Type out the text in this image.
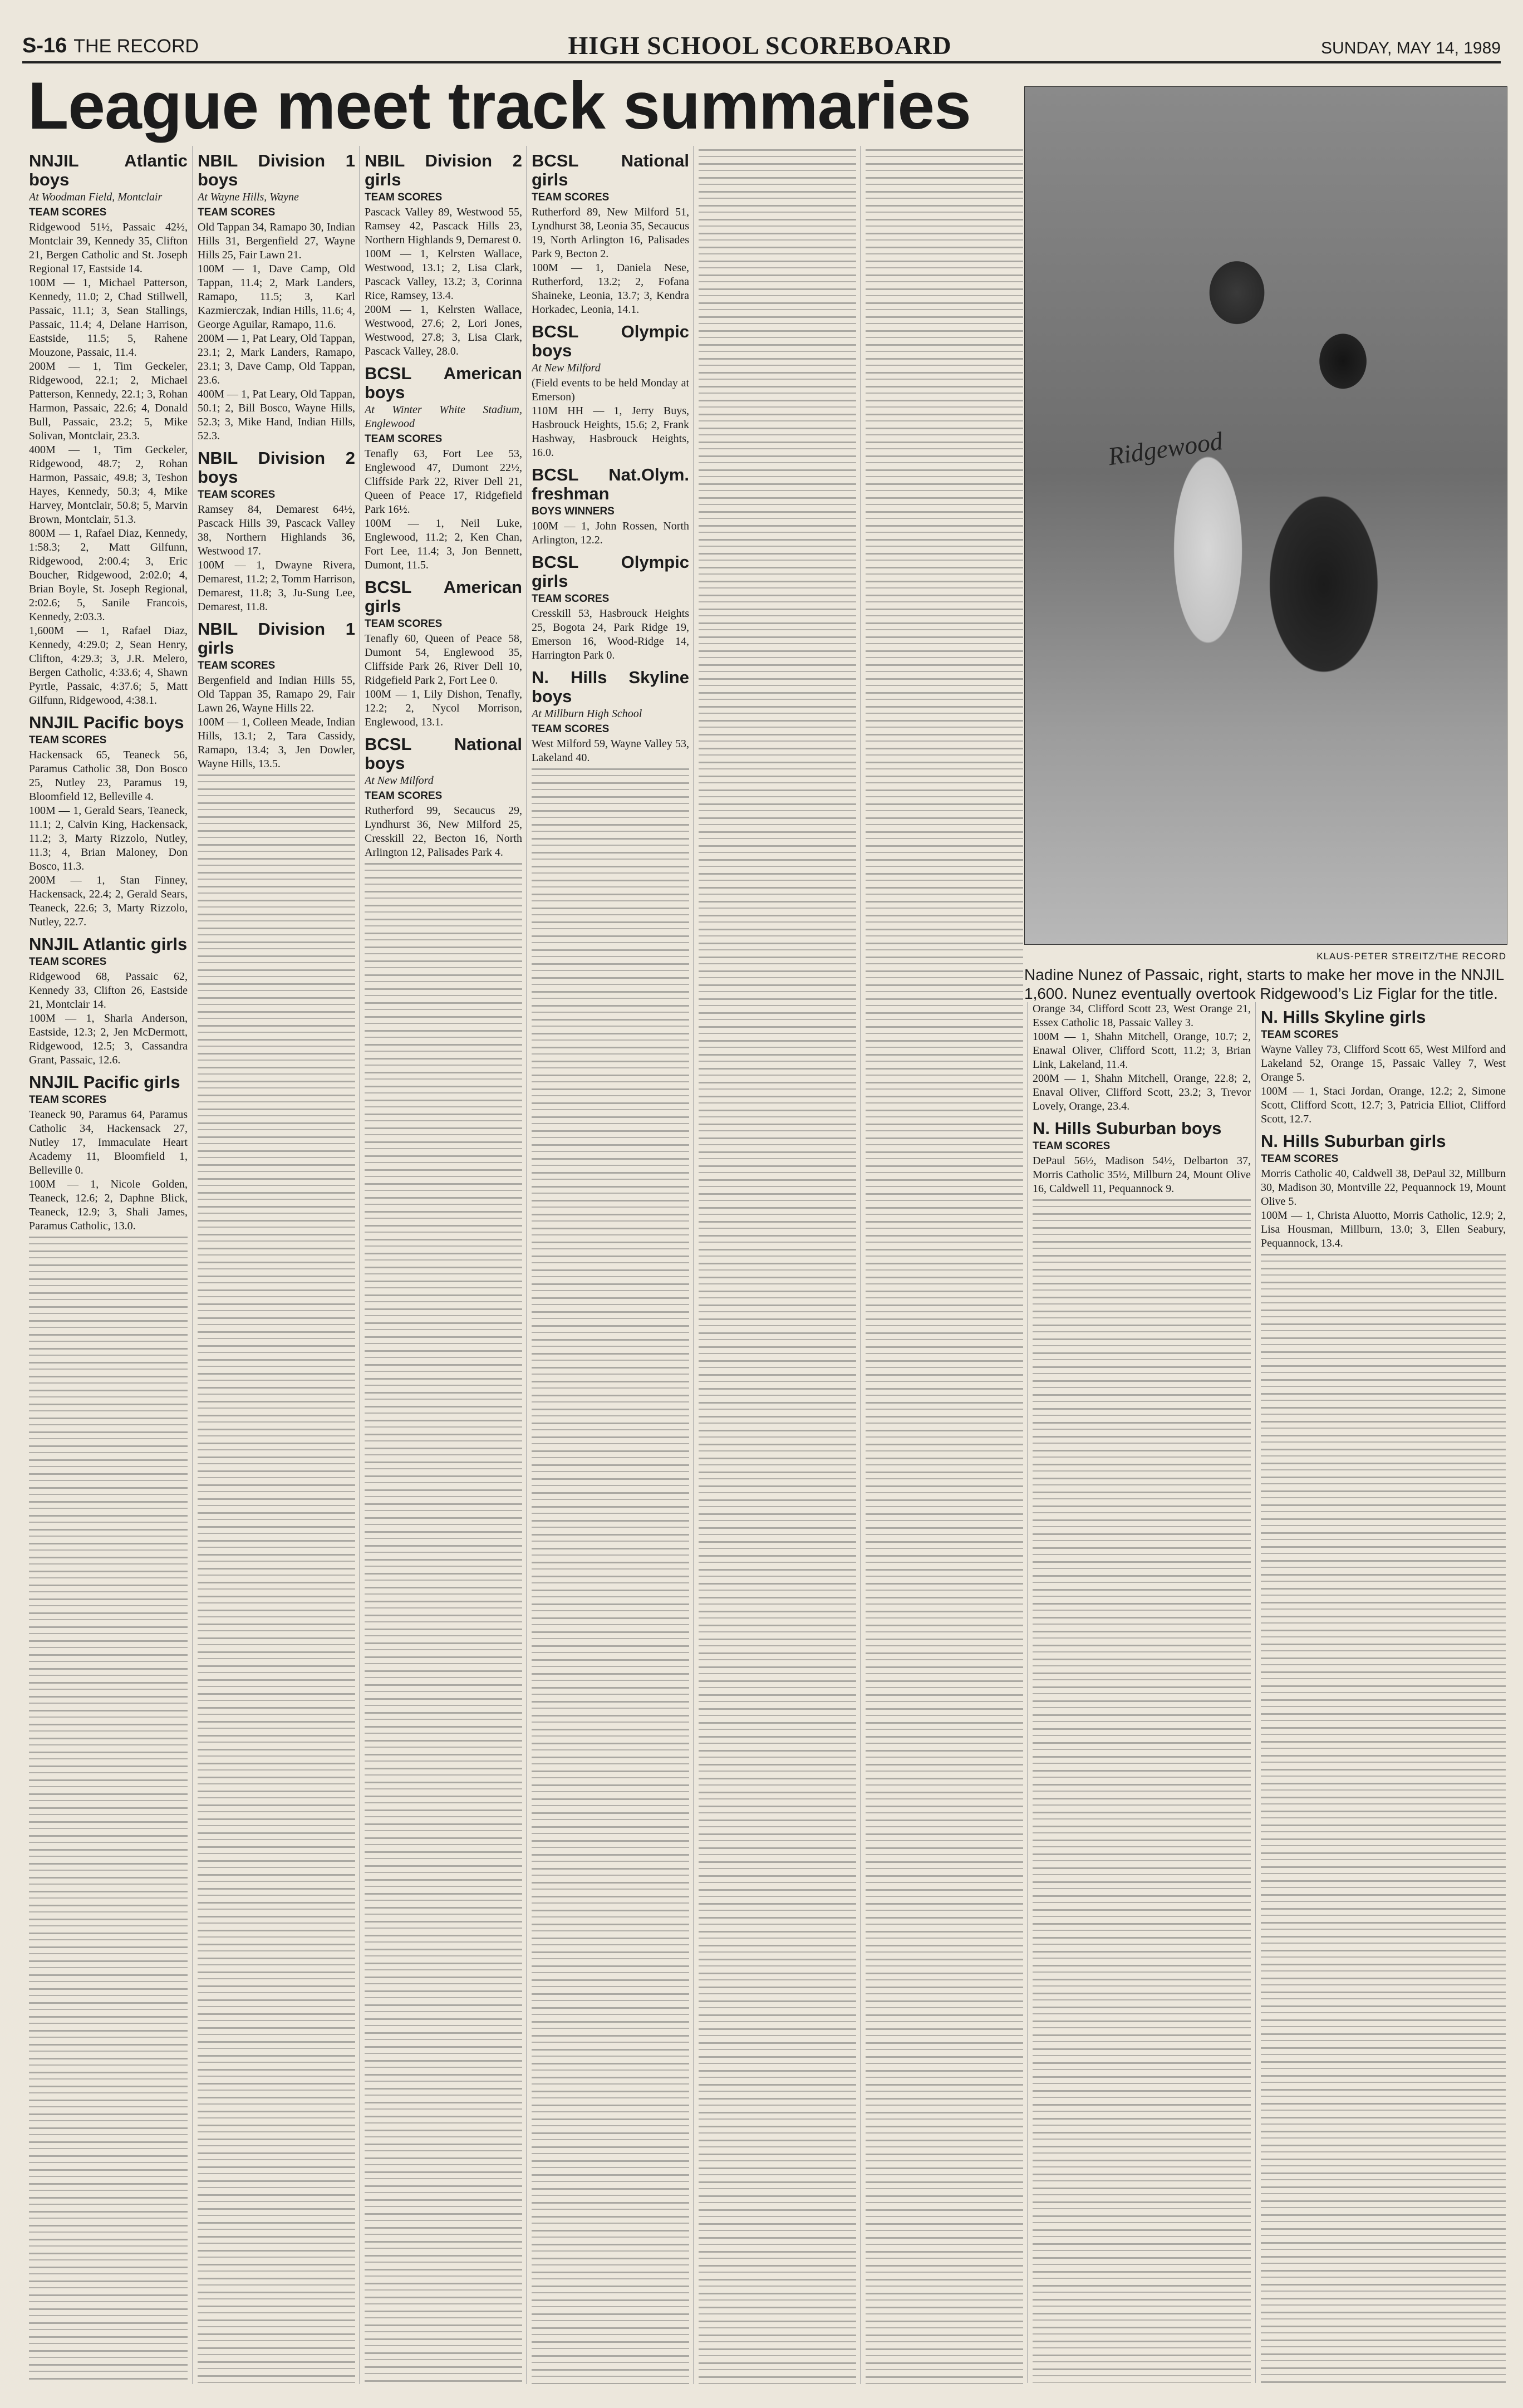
S-16 THE RECORD	HIGH SCHOOL SCOREBOARD	SUNDAY, MAY 14, 1989
League meet track summaries
NNJIL Atlantic boys
At Woodman Field, Montclair
TEAM SCORES
Ridgewood 51½, Passaic 42½, Montclair 39, Kennedy 35, Clifton 21, Bergen Catholic and St. Joseph Regional 17, Eastside 14.
100M — 1, Michael Patterson, Kennedy, 11.0; 2, Chad Stillwell, Passaic, 11.1; 3, Sean Stallings, Passaic, 11.4; 4, Delane Harrison, Eastside, 11.5; 5, Rahene Mouzone, Passaic, 11.4.
200M — 1, Tim Geckeler, Ridgewood, 22.1; 2, Michael Patterson, Kennedy, 22.1; 3, Rohan Harmon, Passaic, 22.6; 4, Donald Bull, Passaic, 23.2; 5, Mike Solivan, Montclair, 23.3.
400M — 1, Tim Geckeler, Ridgewood, 48.7; 2, Rohan Harmon, Passaic, 49.8; 3, Teshon Hayes, Kennedy, 50.3; 4, Mike Harvey, Montclair, 50.8; 5, Marvin Brown, Montclair, 51.3.
800M — 1, Rafael Diaz, Kennedy, 1:58.3; 2, Matt Gilfunn, Ridgewood, 2:00.4; 3, Eric Boucher, Ridgewood, 2:02.0; 4, Brian Boyle, St. Joseph Regional, 2:02.6; 5, Sanile Francois, Kennedy, 2:03.3.
1,600M — 1, Rafael Diaz, Kennedy, 4:29.0; 2, Sean Henry, Clifton, 4:29.3; 3, J.R. Melero, Bergen Catholic, 4:33.6; 4, Shawn Pyrtle, Passaic, 4:37.6; 5, Matt Gilfunn, Ridgewood, 4:38.1.
NNJIL Pacific boys
TEAM SCORES
Hackensack 65, Teaneck 56, Paramus Catholic 38, Don Bosco 25, Nutley 23, Paramus 19, Bloomfield 12, Belleville 4.
100M — 1, Gerald Sears, Teaneck, 11.1; 2, Calvin King, Hackensack, 11.2; 3, Marty Rizzolo, Nutley, 11.3; 4, Brian Maloney, Don Bosco, 11.3.
200M — 1, Stan Finney, Hackensack, 22.4; 2, Gerald Sears, Teaneck, 22.6; 3, Marty Rizzolo, Nutley, 22.7.
NNJIL Atlantic girls
TEAM SCORES
Ridgewood 68, Passaic 62, Kennedy 33, Clifton 26, Eastside 21, Montclair 14.
100M — 1, Sharla Anderson, Eastside, 12.3; 2, Jen McDermott, Ridgewood, 12.5; 3, Cassandra Grant, Passaic, 12.6.
NNJIL Pacific girls
TEAM SCORES
Teaneck 90, Paramus 64, Paramus Catholic 34, Hackensack 27, Nutley 17, Immaculate Heart Academy 11, Bloomfield 1, Belleville 0.
100M — 1, Nicole Golden, Teaneck, 12.6; 2, Daphne Blick, Teaneck, 12.9; 3, Shali James, Paramus Catholic, 13.0.
NBIL Division 1 boys
At Wayne Hills, Wayne
TEAM SCORES
Old Tappan 34, Ramapo 30, Indian Hills 31, Bergenfield 27, Wayne Hills 25, Fair Lawn 21.
100M — 1, Dave Camp, Old Tappan, 11.4; 2, Mark Landers, Ramapo, 11.5; 3, Karl Kazmierczak, Indian Hills, 11.6; 4, George Aguilar, Ramapo, 11.6.
200M — 1, Pat Leary, Old Tappan, 23.1; 2, Mark Landers, Ramapo, 23.1; 3, Dave Camp, Old Tappan, 23.6.
400M — 1, Pat Leary, Old Tappan, 50.1; 2, Bill Bosco, Wayne Hills, 52.3; 3, Mike Hand, Indian Hills, 52.3.
NBIL Division 2 boys
TEAM SCORES
Ramsey 84, Demarest 64½, Pascack Hills 39, Pascack Valley 38, Northern Highlands 36, Westwood 17.
100M — 1, Dwayne Rivera, Demarest, 11.2; 2, Tomm Harrison, Demarest, 11.8; 3, Ju-Sung Lee, Demarest, 11.8.
NBIL Division 1 girls
TEAM SCORES
Bergenfield and Indian Hills 55, Old Tappan 35, Ramapo 29, Fair Lawn 26, Wayne Hills 22.
100M — 1, Colleen Meade, Indian Hills, 13.1; 2, Tara Cassidy, Ramapo, 13.4; 3, Jen Dowler, Wayne Hills, 13.5.
NBIL Division 2 girls
TEAM SCORES
Pascack Valley 89, Westwood 55, Ramsey 42, Pascack Hills 23, Northern Highlands 9, Demarest 0.
100M — 1, Kelrsten Wallace, Westwood, 13.1; 2, Lisa Clark, Pascack Valley, 13.2; 3, Corinna Rice, Ramsey, 13.4.
200M — 1, Kelrsten Wallace, Westwood, 27.6; 2, Lori Jones, Westwood, 27.8; 3, Lisa Clark, Pascack Valley, 28.0.
BCSL American boys
At Winter White Stadium, Englewood
TEAM SCORES
Tenafly 63, Fort Lee 53, Englewood 47, Dumont 22½, Cliffside Park 22, River Dell 21, Queen of Peace 17, Ridgefield Park 16½.
100M — 1, Neil Luke, Englewood, 11.2; 2, Ken Chan, Fort Lee, 11.4; 3, Jon Bennett, Dumont, 11.5.
BCSL American girls
TEAM SCORES
Tenafly 60, Queen of Peace 58, Dumont 54, Englewood 35, Cliffside Park 26, River Dell 10, Ridgefield Park 2, Fort Lee 0.
100M — 1, Lily Dishon, Tenafly, 12.2; 2, Nycol Morrison, Englewood, 13.1.
BCSL National boys
At New Milford
TEAM SCORES
Rutherford 99, Secaucus 29, Lyndhurst 36, New Milford 25, Cresskill 22, Becton 16, North Arlington 12, Palisades Park 4.
BCSL National girls
TEAM SCORES
Rutherford 89, New Milford 51, Lyndhurst 38, Leonia 35, Secaucus 19, North Arlington 16, Palisades Park 9, Becton 2.
100M — 1, Daniela Nese, Rutherford, 13.2; 2, Fofana Shaineke, Leonia, 13.7; 3, Kendra Horkadec, Leonia, 14.1.
BCSL Olympic boys
At New Milford
(Field events to be held Monday at Emerson)
110M HH — 1, Jerry Buys, Hasbrouck Heights, 15.6; 2, Frank Hashway, Hasbrouck Heights, 16.0.
BCSL Nat.Olym. freshman
BOYS WINNERS
100M — 1, John Rossen, North Arlington, 12.2.
BCSL Olympic girls
TEAM SCORES
Cresskill 53, Hasbrouck Heights 25, Bogota 24, Park Ridge 19, Emerson 16, Wood-Ridge 14, Harrington Park 0.
N. Hills Skyline boys
At Millburn High School
TEAM SCORES
West Milford 59, Wayne Valley 53, Lakeland 40.
Orange 34, Clifford Scott 23, West Orange 21, Essex Catholic 18, Passaic Valley 3.
100M — 1, Shahn Mitchell, Orange, 10.7; 2, Enawal Oliver, Clifford Scott, 11.2; 3, Brian Link, Lakeland, 11.4.
200M — 1, Shahn Mitchell, Orange, 22.8; 2, Enaval Oliver, Clifford Scott, 23.2; 3, Trevor Lovely, Orange, 23.4.
N. Hills Suburban boys
TEAM SCORES
DePaul 56½, Madison 54½, Delbarton 37, Morris Catholic 35½, Millburn 24, Mount Olive 16, Caldwell 11, Pequannock 9.
N. Hills Skyline girls
TEAM SCORES
Wayne Valley 73, Clifford Scott 65, West Milford and Lakeland 52, Orange 15, Passaic Valley 7, West Orange 5.
100M — 1, Staci Jordan, Orange, 12.2; 2, Simone Scott, Clifford Scott, 12.7; 3, Patricia Elliot, Clifford Scott, 12.7.
N. Hills Suburban girls
TEAM SCORES
Morris Catholic 40, Caldwell 38, DePaul 32, Millburn 30, Madison 30, Montville 22, Pequannock 19, Mount Olive 5.
100M — 1, Christa Aluotto, Morris Catholic, 12.9; 2, Lisa Housman, Millburn, 13.0; 3, Ellen Seabury, Pequannock, 13.4.
Ridgewood
KLAUS-PETER STREITZ/THE RECORD
Nadine Nunez of Passaic, right, starts to make her move in the NNJIL 1,600. Nunez eventually overtook Ridgewood’s Liz Figlar for the title.
